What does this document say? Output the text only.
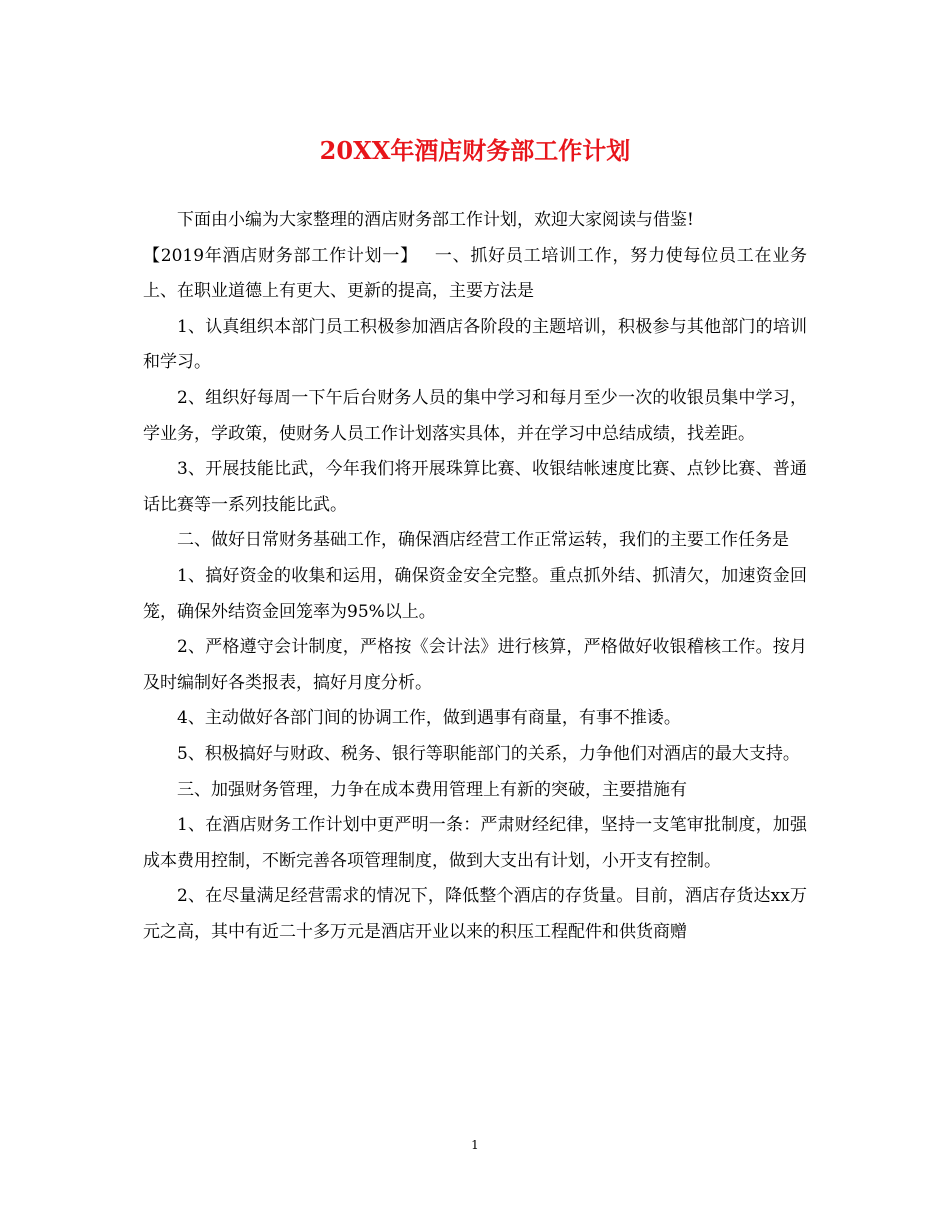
20XX年酒店财务部工作计划

下面由小编为大家整理的酒店财务部工作计划，欢迎大家阅读与借鉴!

【2019年酒店财务部工作计划一】 一、抓好员工培训工作，努力使每位员工在业务上、在职业道德上有更大、更新的提高，主要方法是

1、认真组织本部门员工积极参加酒店各阶段的主题培训，积极参与其他部门的培训和学习。

2、组织好每周一下午后台财务人员的集中学习和每月至少一次的收银员集中学习，学业务，学政策，使财务人员工作计划落实具体，并在学习中总结成绩，找差距。

3、开展技能比武，今年我们将开展珠算比赛、收银结帐速度比赛、点钞比赛、普通话比赛等一系列技能比武。

二、做好日常财务基础工作，确保酒店经营工作正常运转，我们的主要工作任务是

1、搞好资金的收集和运用，确保资金安全完整。重点抓外结、抓清欠，加速资金回笼，确保外结资金回笼率为95%以上。

2、严格遵守会计制度，严格按《会计法》进行核算，严格做好收银稽核工作。按月及时编制好各类报表，搞好月度分析。

4、主动做好各部门间的协调工作，做到遇事有商量，有事不推诿。

5、积极搞好与财政、税务、银行等职能部门的关系，力争他们对酒店的最大支持。

三、加强财务管理，力争在成本费用管理上有新的突破，主要措施有

1、在酒店财务工作计划中更严明一条：严肃财经纪律，坚持一支笔审批制度，加强成本费用控制，不断完善各项管理制度，做到大支出有计划，小开支有控制。

2、在尽量满足经营需求的情况下，降低整个酒店的存货量。目前，酒店存货达xx万元之高，其中有近二十多万元是酒店开业以来的积压工程配件和供货商赠

1
